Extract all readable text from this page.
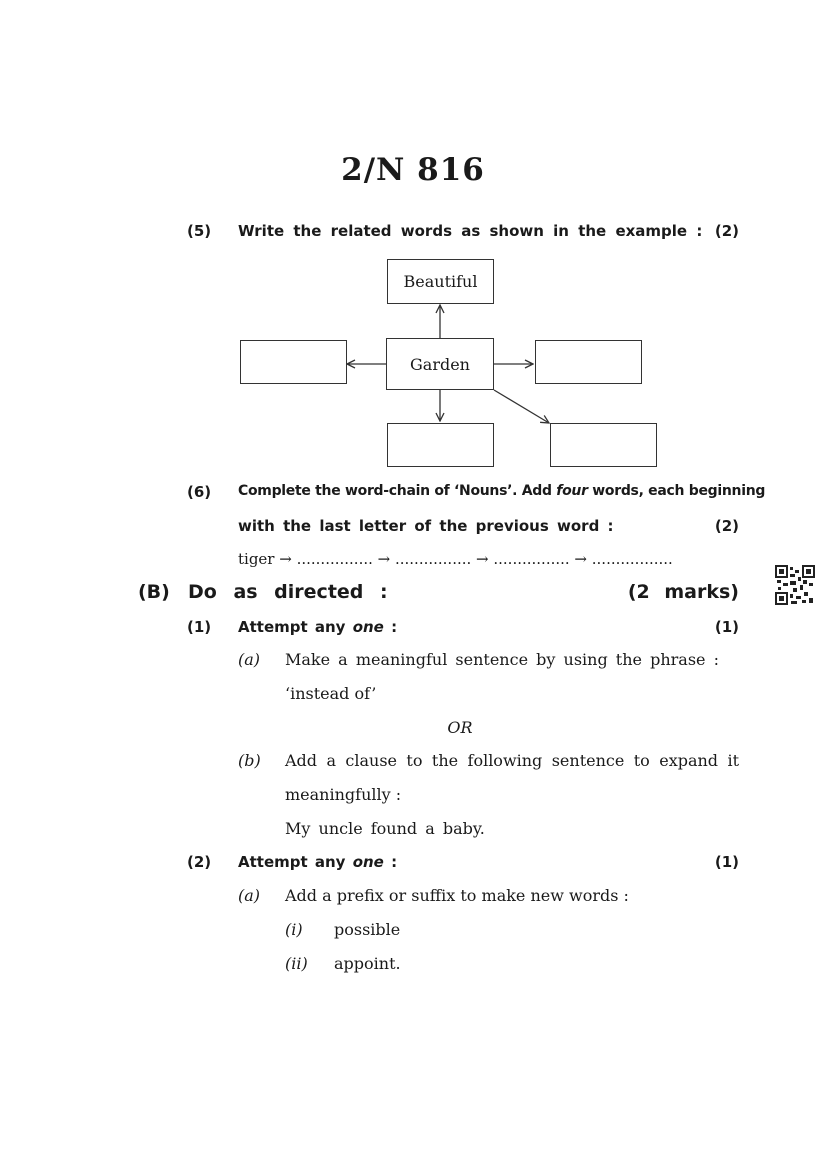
2/N 816
(5) Write the related words as shown in the example : (2)
Beautiful
Garden
(6) Complete the word-chain of ‘Nouns’. Add four words, each beginning
with the last letter of the previous word :	(2)
tiger → ................ → ................ → ................ → .................
(B) Do as directed :	(2 marks)
(1) Attempt any one :	(1)
(a) Make a meaningful sentence by using the phrase :
‘instead of’
OR
(b) Add a clause to the following sentence to expand it
meaningfully :
My uncle found a baby.
(2) Attempt any one :	(1)
(a) Add a prefix or suffix to make new words :
(i) possible
(ii) appoint.
